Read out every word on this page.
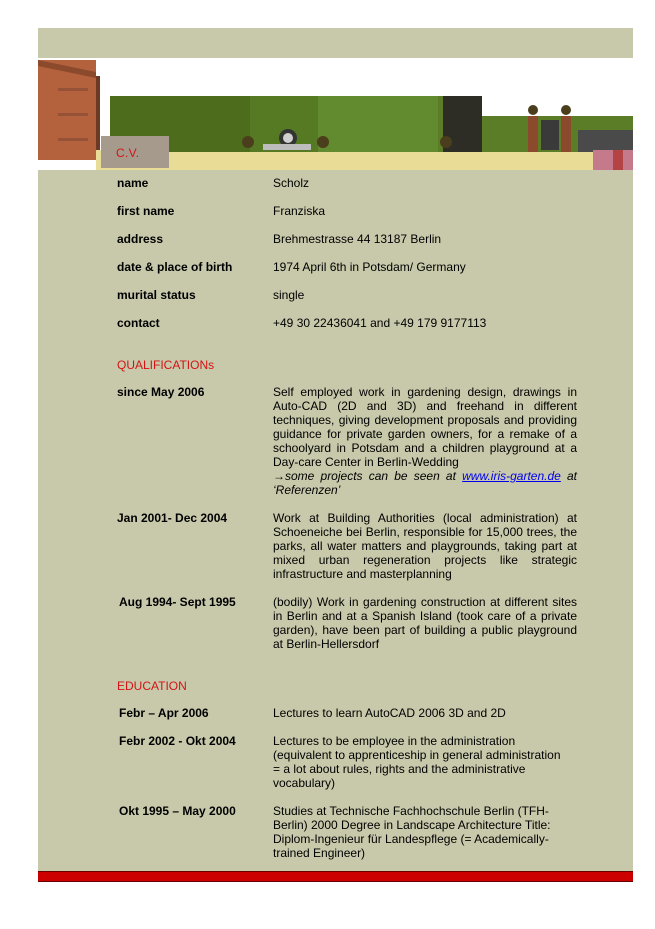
C.V.
name	Scholz
first name	Franziska
address	Brehmestrasse 44 13187 Berlin
date & place of birth	1974 April 6th in Potsdam/ Germany
murital status	single
contact	+49 30 22436041 and +49 179 9177113
QUALIFICATIONs
since May 2006	Self employed work in gardening design, drawings in Auto-CAD (2D and 3D) and freehand in different techniques, giving development proposals and providing guidance for private garden owners, for a remake of a schoolyard in Potsdam and a children playground at a Day-care Center in Berlin-Wedding
→some projects can be seen at www.iris-garten.de at ‘Referenzen’
Jan 2001- Dec 2004	Work at Building Authorities (local administration) at Schoeneiche bei Berlin, responsible for 15,000 trees, the parks, all water matters and playgrounds, taking part at mixed urban regeneration projects like strategic infrastructure and masterplanning
Aug 1994- Sept 1995	(bodily) Work in gardening construction at different sites in Berlin and at a Spanish Island (took care of a private garden), have been part of building a public playground at Berlin-Hellersdorf
EDUCATION
Febr – Apr 2006	Lectures to learn AutoCAD 2006 3D and 2D
Febr 2002 - Okt 2004	Lectures to be employee in the administration (equivalent to apprenticeship in general administration = a lot about rules, rights and the administrative vocabulary)
Okt 1995 – May 2000	Studies at Technische Fachhochschule Berlin (TFH-Berlin) 2000 Degree in Landscape Architecture Title: Diplom-Ingenieur für Landespflege (= Academically-trained Engineer)
